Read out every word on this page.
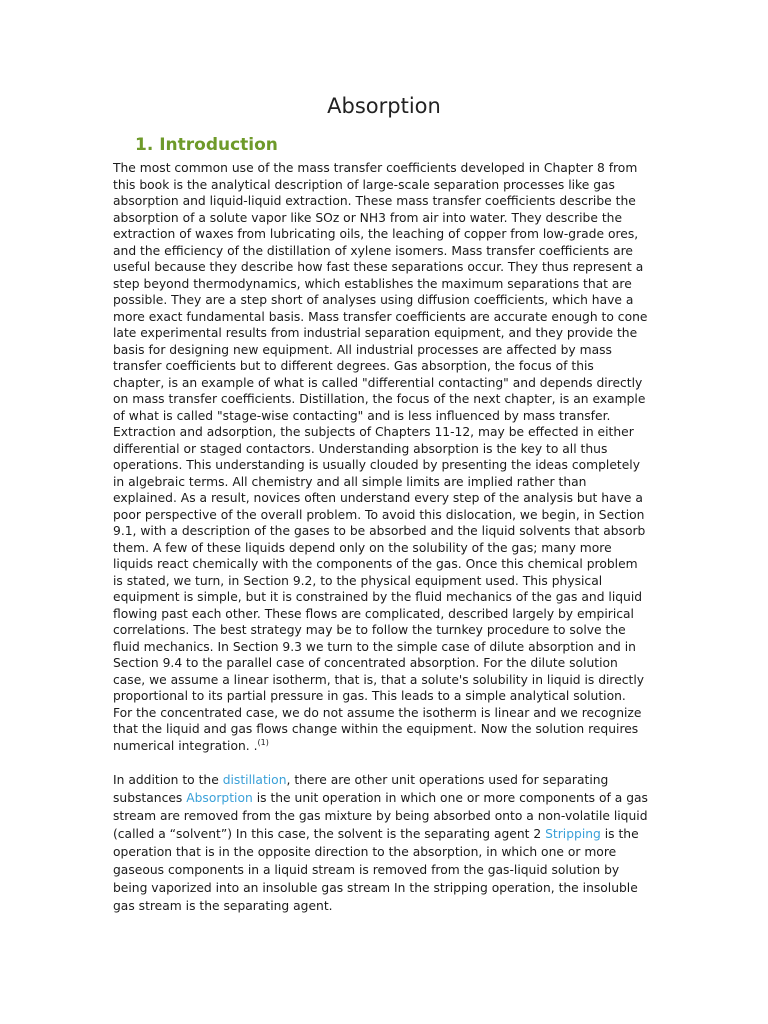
Absorption
1. Introduction
The most common use of the mass transfer coefficients developed in Chapter 8 from
this book is the analytical description of large-scale separation processes like gas
absorption and liquid-liquid extraction. These mass transfer coefficients describe the
absorption of a solute vapor like SOz or NH3 from air into water. They describe the
extraction of waxes from lubricating oils, the leaching of copper from low-grade ores,
and the efficiency of the distillation of xylene isomers. Mass transfer coefficients are
useful because they describe how fast these separations occur. They thus represent a
step beyond thermodynamics, which establishes the maximum separations that are
possible. They are a step short of analyses using diffusion coefficients, which have a
more exact fundamental basis. Mass transfer coefficients are accurate enough to cone
late experimental results from industrial separation equipment, and they provide the
basis for designing new equipment. All industrial processes are affected by mass
transfer coefficients but to different degrees. Gas absorption, the focus of this
chapter, is an example of what is called "differential contacting" and depends directly
on mass transfer coefficients. Distillation, the focus of the next chapter, is an example
of what is called "stage-wise contacting" and is less influenced by mass transfer.
Extraction and adsorption, the subjects of Chapters 11-12, may be effected in either
differential or staged contactors. Understanding absorption is the key to all thus
operations. This understanding is usually clouded by presenting the ideas completely
in algebraic terms. All chemistry and all simple limits are implied rather than
explained. As a result, novices often understand every step of the analysis but have a
poor perspective of the overall problem. To avoid this dislocation, we begin, in Section
9.1, with a description of the gases to be absorbed and the liquid solvents that absorb
them. A few of these liquids depend only on the solubility of the gas; many more
liquids react chemically with the components of the gas. Once this chemical problem
is stated, we turn, in Section 9.2, to the physical equipment used. This physical
equipment is simple, but it is constrained by the fluid mechanics of the gas and liquid
flowing past each other. These flows are complicated, described largely by empirical
correlations. The best strategy may be to follow the turnkey procedure to solve the
fluid mechanics. In Section 9.3 we turn to the simple case of dilute absorption and in
Section 9.4 to the parallel case of concentrated absorption. For the dilute solution
case, we assume a linear isotherm, that is, that a solute's solubility in liquid is directly
proportional to its partial pressure in gas. This leads to a simple analytical solution.
For the concentrated case, we do not assume the isotherm is linear and we recognize
that the liquid and gas flows change within the equipment. Now the solution requires
numerical integration. .$^{(1)}$
In addition to the distillation, there are other unit operations used for separating
substances Absorption is the unit operation in which one or more components of a gas
stream are removed from the gas mixture by being absorbed onto a non-volatile liquid
(called a “solvent”) In this case, the solvent is the separating agent 2 Stripping is the
operation that is in the opposite direction to the absorption, in which one or more
gaseous components in a liquid stream is removed from the gas-liquid solution by
being vaporized into an insoluble gas stream In the stripping operation, the insoluble
gas stream is the separating agent.
